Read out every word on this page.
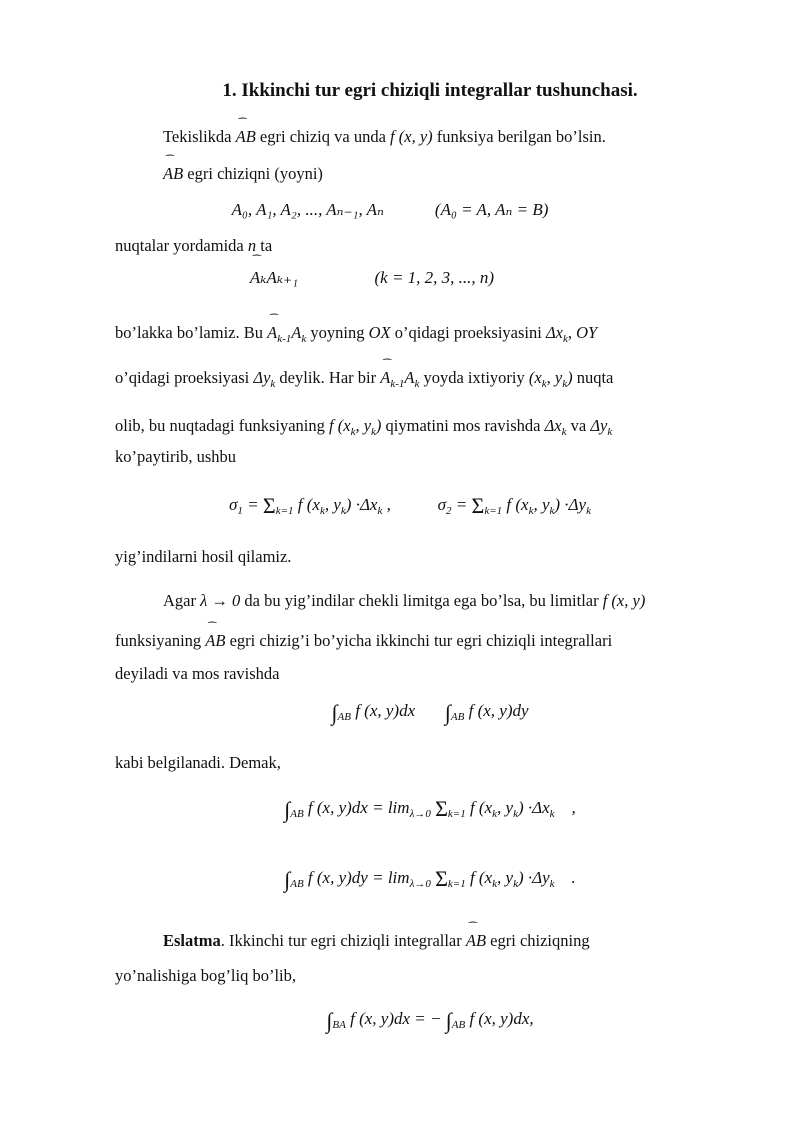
1. Ikkinchi tur egri chiziqli integrallar tushunchasi.
Tekislikda ⁀ AB egri chiziq va unda f (x, y) funksiya berilgan bo’lsin.
⁀ AB egri chiziqni (yoyni)
A₀, A₁, A₂, ..., Aₙ₋₁, Aₙ	(A₀ = A, Aₙ = B)
nuqtalar yordamida n ta
⁀ AₖAₖ₊₁	(k = 1, 2, 3, ..., n)
bo’lakka bo’lamiz. Bu ⁀ $A_{k-1}A_k$ yoyning OX o’qidagi proeksiyasini $\Delta x_k$, OY
o’qidagi proeksiyasi $\Delta y_k$ deylik. Har bir ⁀ $A_{k-1}A_k$ yoyda ixtiyoriy ($x_k$, $y_k$) nuqta
olib, bu nuqtadagi funksiyaning f ($x_k$, $y_k$) qiymatini mos ravishda $\Delta x_k$ va $\Delta y_k$
ko’paytirib, ushbu
$\sigma_1 = \Sigma_{k=1}$ f ($x_k$, $y_k) \cdot\Delta x_k$ ,           $\sigma_2 = \Sigma_{k=1}$ f ($x_k$, $y_k) \cdot\Delta y_k$
yig’indilarni hosil qilamiz.
Agar λ → 0 da bu yig’indilar chekli limitga ega bo’lsa, bu limitlar f (x, y)
funksiyaning ⁀ AB egri chizig’i bo’yicha ikkinchi tur egri chiziqli integrallari
deyiladi va mos ravishda
$\int_{AB}$ f (x, y)dx       $\int_{AB}$ f (x, y)dy
kabi belgilanadi. Demak,
$\int_{AB}$ f (x, $y)dx = \lim_{\lambda\to 0} \Sigma_{k=1}$ f ($x_k$, $y_k) \cdot\Delta x_k$    ,
$\int_{AB}$ f (x, $y)dy = \lim_{\lambda\to 0} \Sigma_{k=1}$ f ($x_k$, $y_k) \cdot\Delta y_k$    .
Eslatma. Ikkinchi tur egri chiziqli integrallar ⁀ AB egri chiziqning
yo’nalishiga bog’liq bo’lib,
$\int_{BA}$ f (x, y)dx = − $\int_{AB}$ f (x, y)dx,
